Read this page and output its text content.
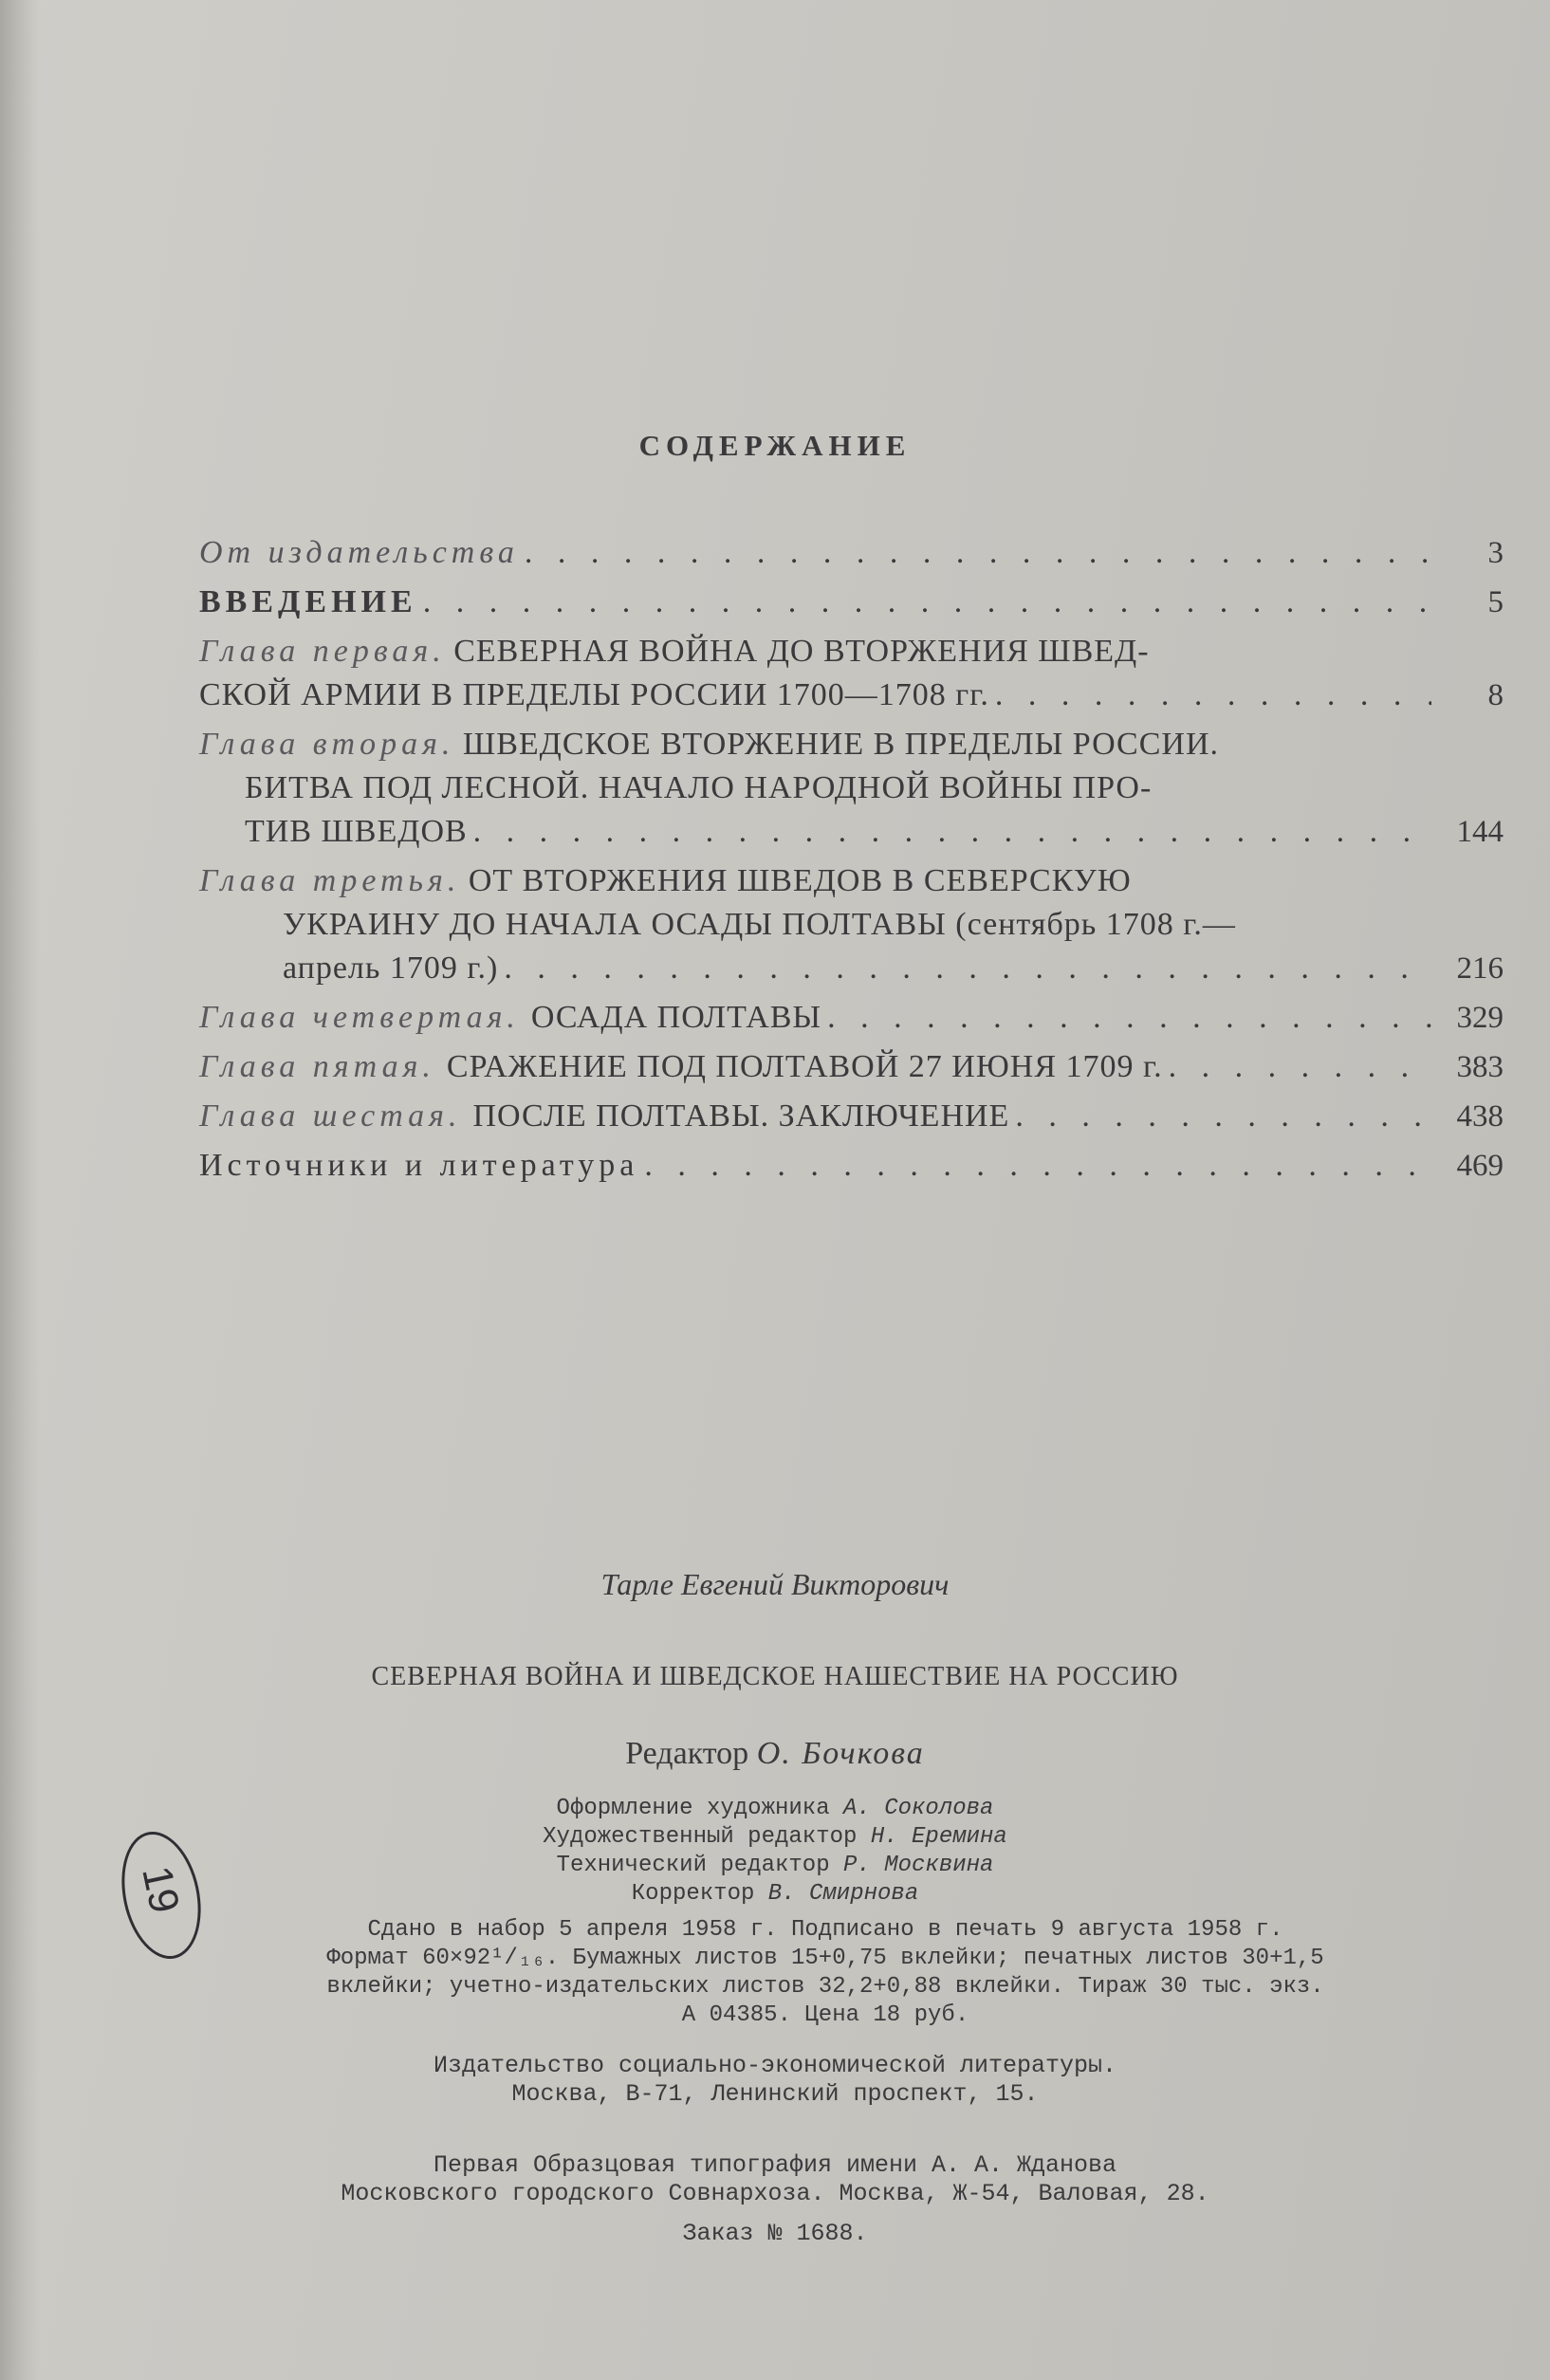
СОДЕРЖАНИЕ
От издательства . . .	3
ВВЕДЕНИЕ . . .	5
Глава первая. СЕВЕРНАЯ ВОЙНА ДО ВТОРЖЕНИЯ ШВЕД-
СКОЙ АРМИИ В ПРЕДЕЛЫ РОССИИ 1700—1708 гг. . . .	8
Глава вторая. ШВЕДСКОЕ ВТОРЖЕНИЕ В ПРЕДЕЛЫ РОССИИ.
БИТВА ПОД ЛЕСНОЙ. НАЧАЛО НАРОДНОЙ ВОЙНЫ ПРО-
ТИВ ШВЕДОВ . . .	144
Глава третья. ОТ ВТОРЖЕНИЯ ШВЕДОВ В СЕВЕРСКУЮ
УКРАИНУ ДО НАЧАЛА ОСАДЫ ПОЛТАВЫ (сентябрь 1708 г.—
апрель 1709 г.) . . .	216
Глава четвертая. ОСАДА ПОЛТАВЫ . . .	329
Глава пятая. СРАЖЕНИЕ ПОД ПОЛТАВОЙ 27 ИЮНЯ 1709 г. . . .	383
Глава шестая. ПОСЛЕ ПОЛТАВЫ. ЗАКЛЮЧЕНИЕ . . .	438
Источники и литература . . .	469
Тарле Евгений Викторович
СЕВЕРНАЯ ВОЙНА И ШВЕДСКОЕ НАШЕСТВИЕ НА РОССИЮ
Редактор О. Бочкова
Оформление художника А. Соколова
Художественный редактор Н. Еремина
Технический редактор Р. Москвина
Корректор В. Смирнова
Сдано в набор 5 апреля 1958 г. Подписано в печать 9 августа 1958 г.
Формат 60×92¹/₁₆. Бумажных листов 15+0,75 вклейки; печатных листов 30+1,5
вклейки; учетно-издательских листов 32,2+0,88 вклейки. Тираж 30 тыс. экз.
А 04385. Цена 18 руб.
Издательство социально-экономической литературы.
Москва, В-71, Ленинский проспект, 15.
Первая Образцовая типография имени А. А. Жданова
Московского городского Совнархоза. Москва, Ж-54, Валовая, 28.
Заказ № 1688.
19
